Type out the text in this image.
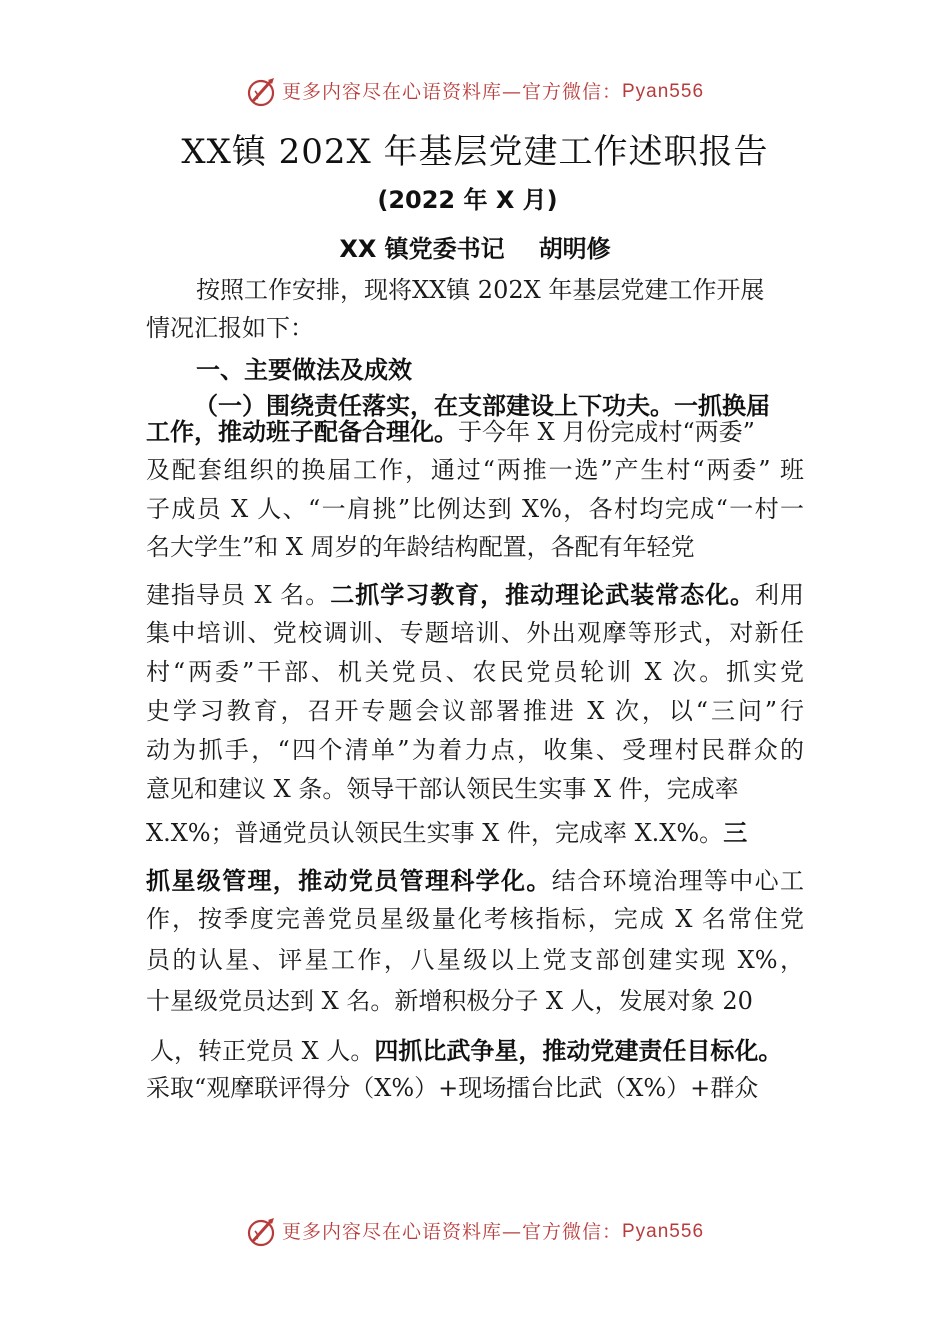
更多内容尽在心语资料库—官方微信：Pyan556
XX镇 202X 年基层党建工作述职报告
(2022 年 X 月)
XX 镇党委书记 胡明修
按照工作安排，现将XX镇 202X 年基层党建工作开展
情况汇报如下：
一、主要做法及成效
（一）围绕责任落实，在支部建设上下功夫。一抓换届
工作，推动班子配备合理化。于今年 X 月份完成村“两委”
及配套组织的换届工作，通过“两推一选”产生村“两委” 班
子成员 X 人、“一肩挑”比例达到 X%，各村均完成“一村一
名大学生”和 X 周岁的年龄结构配置，各配有年轻党
建指导员 X 名。二抓学习教育，推动理论武装常态化。利用
集中培训、党校调训、专题培训、外出观摩等形式，对新任
村“两委”干部、机关党员、农民党员轮训 X 次。抓实党
史学习教育，召开专题会议部署推进 X 次，以“三问”行
动为抓手，“四个清单”为着力点，收集、受理村民群众的
意见和建议 X 条。领导干部认领民生实事 X 件，完成率
X.X%；普通党员认领民生实事 X 件，完成率 X.X%。三
抓星级管理，推动党员管理科学化。结合环境治理等中心工
作，按季度完善党员星级量化考核指标，完成 X 名常住党
员的认星、评星工作，八星级以上党支部创建实现 X%，
十星级党员达到 X 名。新增积极分子 X 人，发展对象 20
人，转正党员 X 人。四抓比武争星，推动党建责任目标化。
采取“观摩联评得分（X%）+现场擂台比武（X%）+群众
更多内容尽在心语资料库—官方微信：Pyan556
